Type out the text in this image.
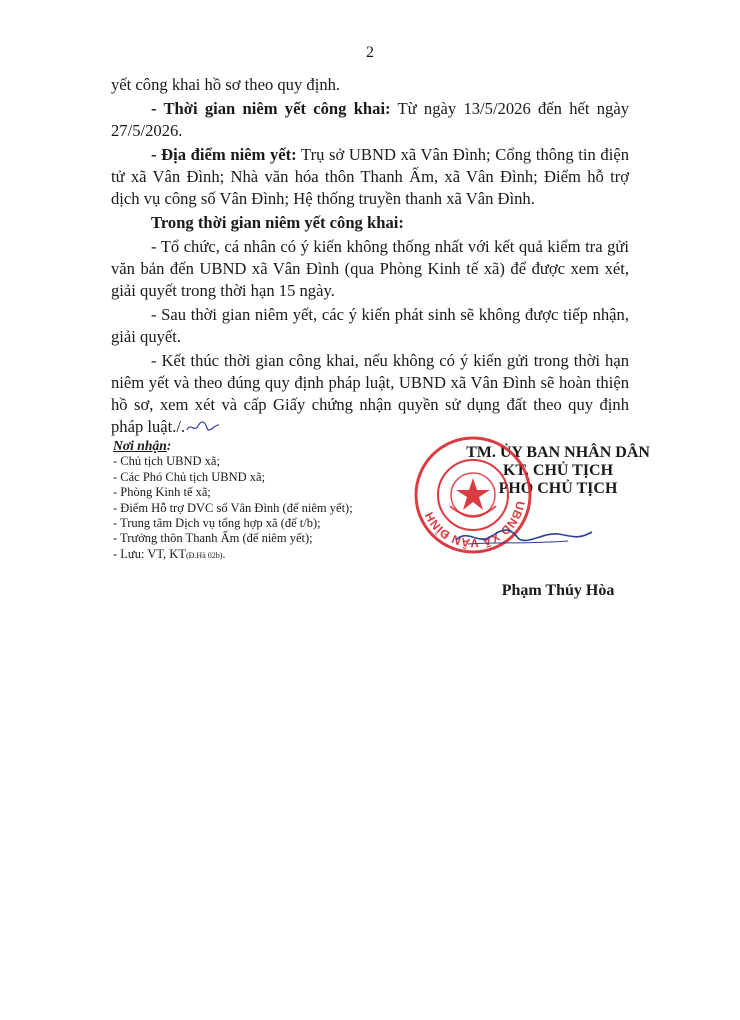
2

yết công khai hồ sơ theo quy định.

- Thời gian niêm yết công khai: Từ ngày 13/5/2026 đến hết ngày 27/5/2026.

- Địa điểm niêm yết: Trụ sở UBND xã Vân Đình; Cổng thông tin điện tử xã Vân Đình; Nhà văn hóa thôn Thanh Ấm, xã Vân Đình; Điểm hỗ trợ dịch vụ công số Vân Đình; Hệ thống truyền thanh xã Vân Đình.

Trong thời gian niêm yết công khai:

- Tổ chức, cá nhân có ý kiến không thống nhất với kết quả kiểm tra gửi văn bản đến UBND xã Vân Đình (qua Phòng Kinh tế xã) để được xem xét, giải quyết trong thời hạn 15 ngày.

- Sau thời gian niêm yết, các ý kiến phát sinh sẽ không được tiếp nhận, giải quyết.

- Kết thúc thời gian công khai, nếu không có ý kiến gửi trong thời hạn niêm yết và theo đúng quy định pháp luật, UBND xã Vân Đình sẽ hoàn thiện hồ sơ, xem xét và cấp Giấy chứng nhận quyền sử dụng đất theo quy định pháp luật./.

Nơi nhận:
- Chủ tịch UBND xã;
- Các Phó Chủ tịch UBND xã;
- Phòng Kinh tế xã;
- Điểm Hỗ trợ DVC số Vân Đình (để niêm yết);
- Trung tâm Dịch vụ tổng hợp xã (để t/b);
- Trưởng thôn Thanh Ấm (để niêm yết);
- Lưu: VT, KT(Đ.Hà 02b).
TM. ỦY BAN NHÂN DÂN
KT. CHỦ TỊCH
PHÓ CHỦ TỊCH
UBND XÃ VÂN ĐÌNH
Phạm Thúy Hòa
